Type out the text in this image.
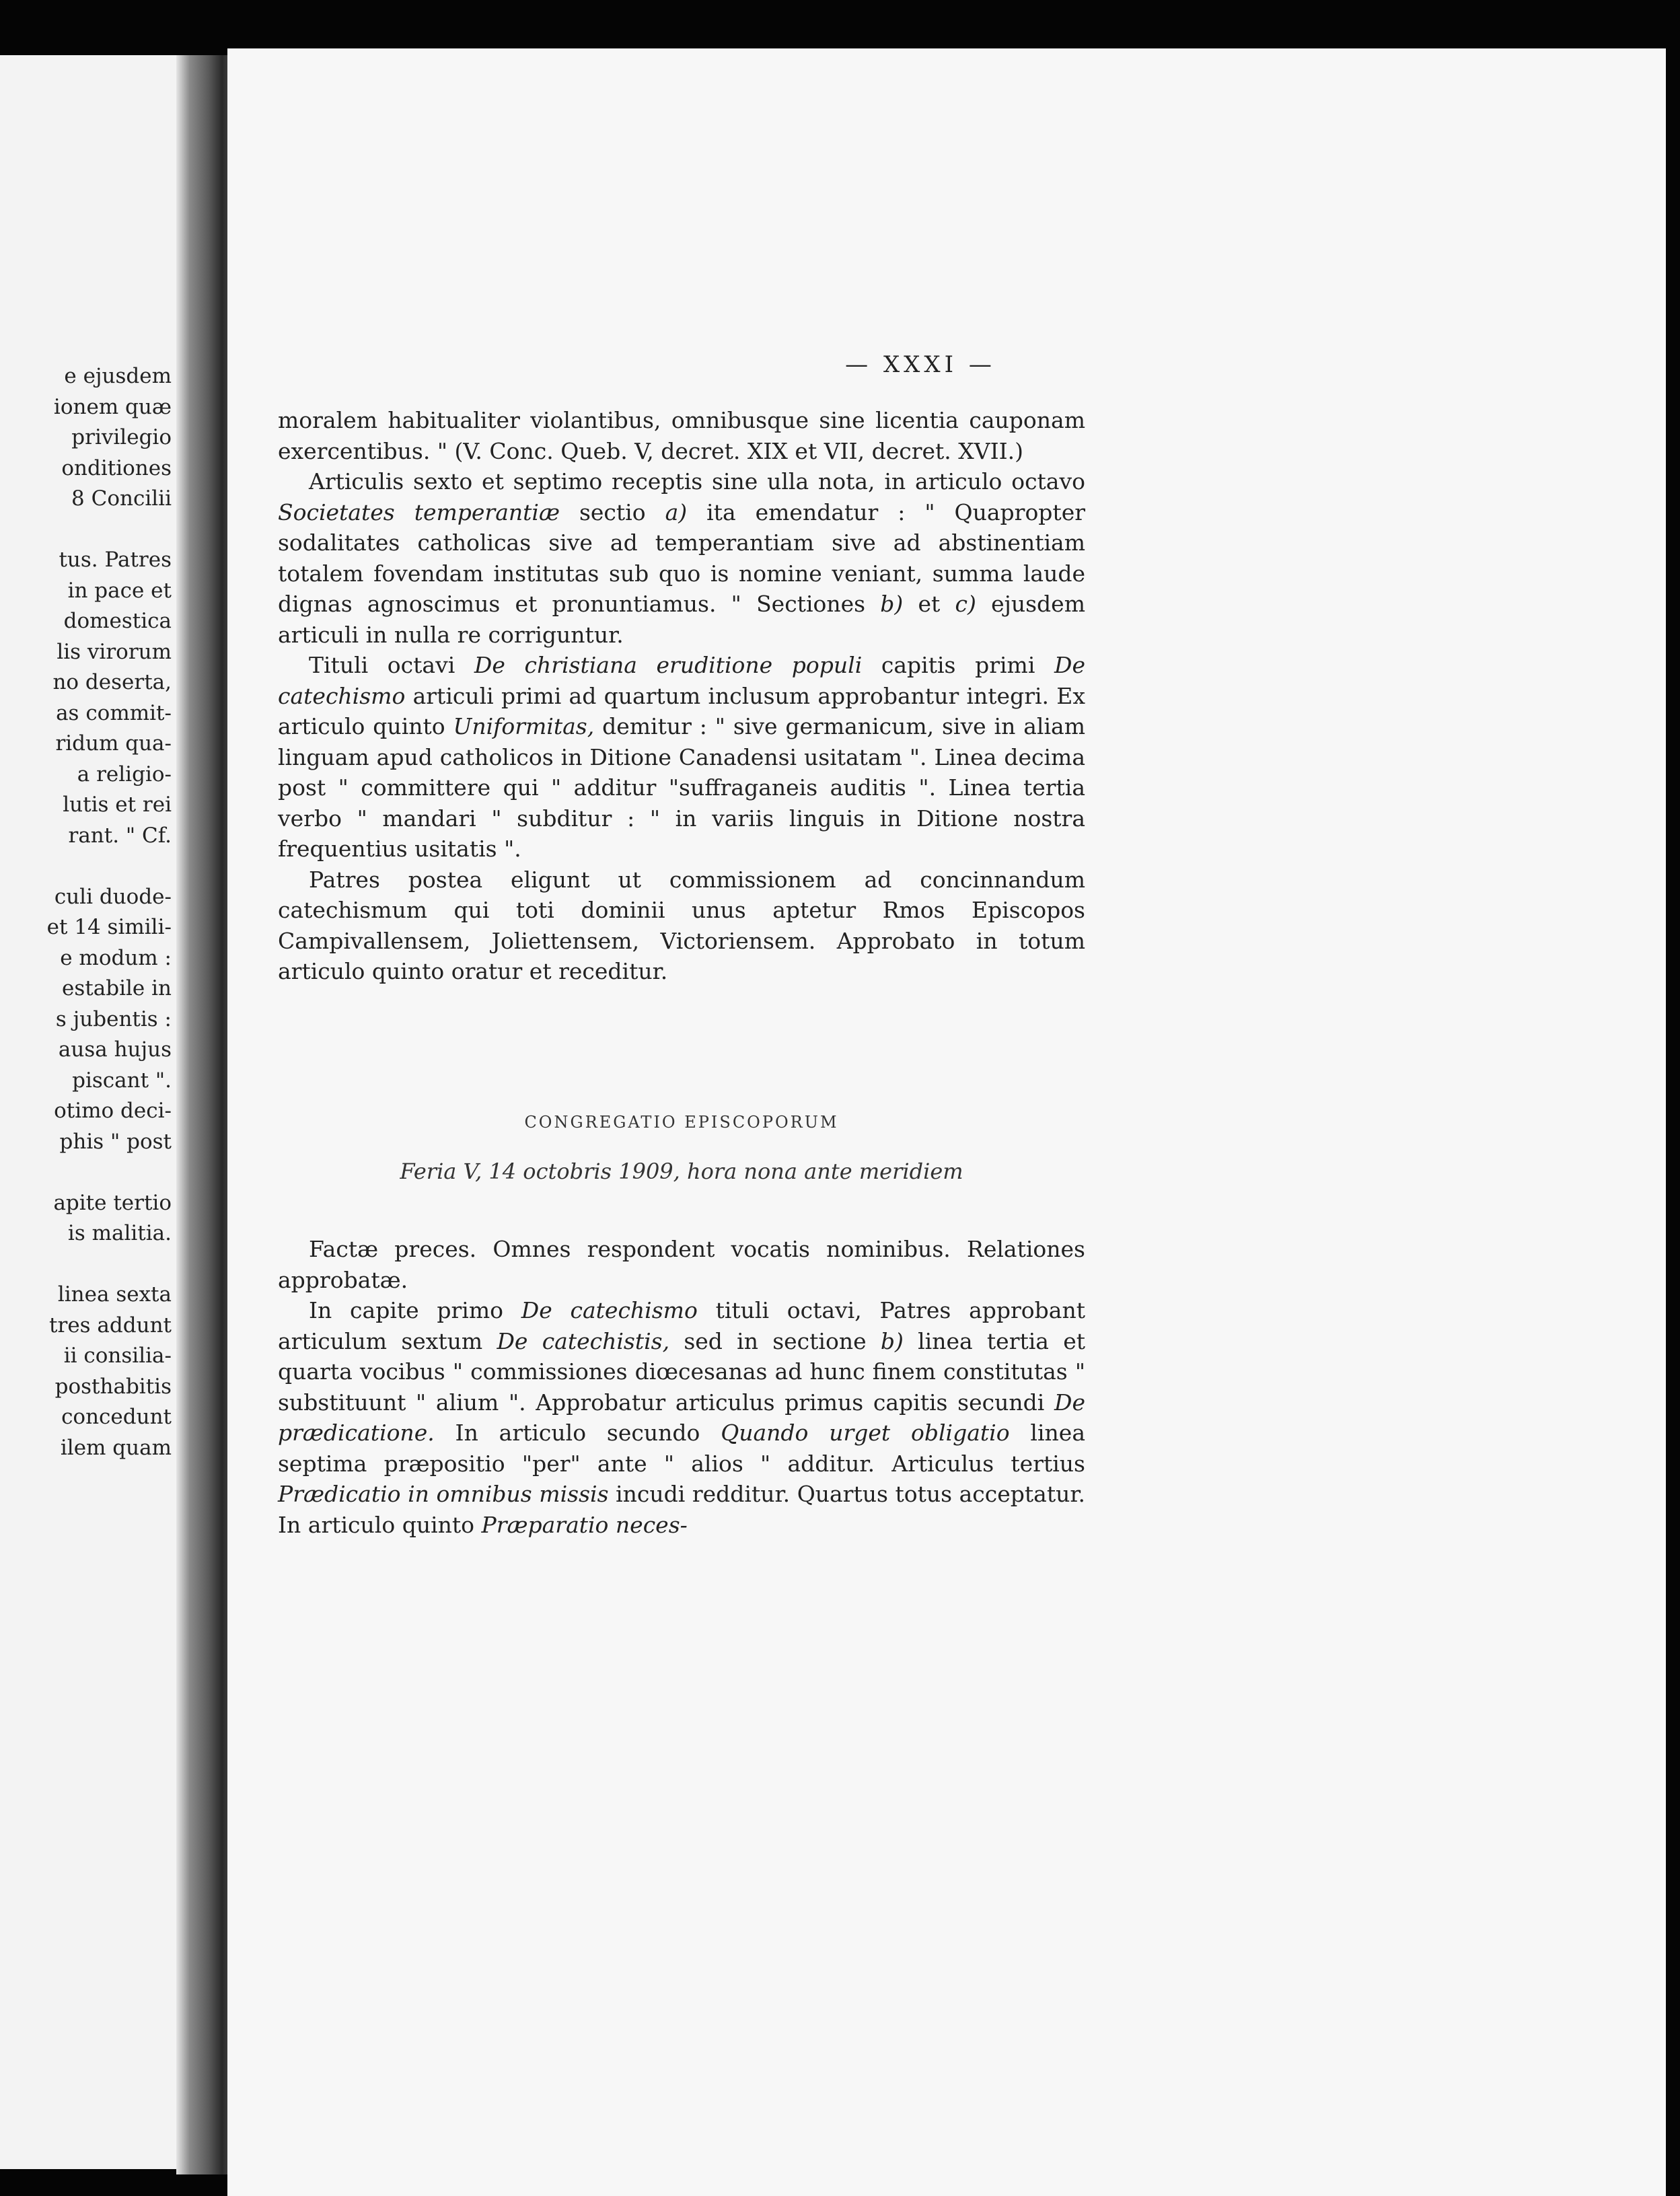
e ejusdem
ionem quæ
privilegio
onditiones
8 Concilii
tus. Patres
in pace et
domestica
lis virorum
no deserta,
as commit-
ridum qua-
a religio-
lutis et rei
rant. " Cf.
culi duode-
et 14 simili-
e modum :
estabile in
s jubentis :
ausa hujus
piscant ".
otimo deci-
phis " post
apite tertio
is malitia.
linea sexta
tres addunt
ii consilia-
posthabitis
concedunt
ilem quam
— XXXI —

moralem habitualiter violantibus, omnibusque sine licentia cauponam exercentibus. " (V. Conc. Queb. V, decret. XIX et VII, decret. XVII.)

Articulis sexto et septimo receptis sine ulla nota, in articulo octavo Societates temperantiæ sectio a) ita emendatur : " Quapropter sodalitates catholicas sive ad temperantiam sive ad abstinentiam totalem fovendam institutas sub quo is nomine veniant, summa laude dignas agnoscimus et pronuntiamus. " Sectiones b) et c) ejusdem articuli in nulla re corriguntur.

Tituli octavi De christiana eruditione populi capitis primi De catechismo articuli primi ad quartum inclusum approbantur integri. Ex articulo quinto Uniformitas, demitur : " sive germanicum, sive in aliam linguam apud catholicos in Ditione Canadensi usitatam ". Linea decima post " committere qui " additur "suffraganeis auditis ". Linea tertia verbo " mandari " subditur : " in variis linguis in Ditione nostra frequentius usitatis ".

Patres postea eligunt ut commissionem ad concinnandum catechismum qui toti dominii unus aptetur Rmos Episcopos Campivallensem, Joliettensem, Victoriensem. Approbato in totum articulo quinto oratur et receditur.

CONGREGATIO EPISCOPORUM
Feria V, 14 octobris 1909, hora nona ante meridiem

Factæ preces. Omnes respondent vocatis nominibus. Relationes approbatæ.

In capite primo De catechismo tituli octavi, Patres approbant articulum sextum De catechistis, sed in sectione b) linea tertia et quarta vocibus " commissiones diœcesanas ad hunc finem constitutas " substituunt " alium ". Approbatur articulus primus capitis secundi De prædicatione. In articulo secundo Quando urget obligatio linea septima præpositio "per" ante " alios " additur. Articulus tertius Prædicatio in omnibus missis incudi redditur. Quartus totus acceptatur. In articulo quinto Præparatio neces-
